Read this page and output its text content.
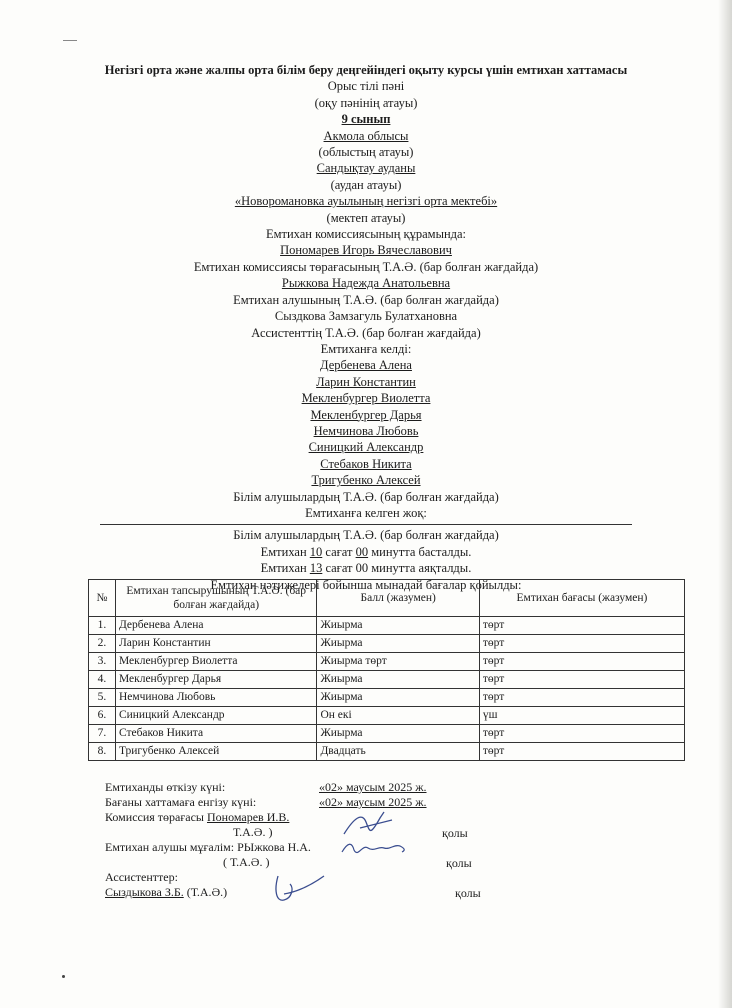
Негізгі орта және жалпы орта білім беру деңгейіндегі оқыту курсы үшін емтихан хаттамасы
Орыс тілі пәні
(оқу пәнінің атауы)
9 сынып
Акмола облысы
(облыстың атауы)
Сандықтау ауданы
(аудан атауы)
«Новоромановка ауылының негізгі орта мектебі»
(мектеп атауы)
Емтихан комиссиясының құрамында:
Пономарев Игорь Вячеславович
Емтихан комиссиясы төрағасының Т.А.Ә. (бар болған жағдайда)
Рыжкова Надежда Анатольевна
Емтихан алушының Т.А.Ә. (бар болған жағдайда)
Сыздкова Замзагуль Булатхановна
Ассистенттің Т.А.Ә. (бар болған жағдайда)
Емтиханға келді:
Дербенева Алена
Ларин Константин
Мекленбургер Виолетта
Мекленбургер Дарья
Немчинова Любовь
Синицкий Александр
Стебаков Никита
Тригубенко Алексей
Білім алушылардың Т.А.Ә. (бар болған жағдайда)
Емтиханға келген жоқ:
Білім алушылардың Т.А.Ә. (бар болған жағдайда)
Емтихан 10 сағат 00 минутта басталды.
Емтихан 13 сағат 00 минутта аяқталды.
Емтихан нәтижелері бойынша мынадай бағалар қойылды:
№	Емтихан тапсырушының Т.А.Ә. (бар болған жағдайда)	Балл (жазумен)	Емтихан бағасы (жазумен)
1.	Дербенева Алена	Жиырма	төрт
2.	Ларин Константин	Жиырма	төрт
3.	Мекленбургер Виолетта	Жиырма төрт	төрт
4.	Мекленбургер Дарья	Жиырма	төрт
5.	Немчинова Любовь	Жиырма	төрт
6.	Синицкий Александр	Он екі	үш
7.	Стебаков Никита	Жиырма	төрт
8.	Тригубенко Алексей	Двадцать	төрт
Емтиханды өткізу күні:	«02» маусым 2025 ж.
Бағаны хаттамаға енгізу күні:	«02» маусым 2025 ж.
Комиссия төрағасы Пономарев И.В.
Т.А.Ә. )
Емтихан алушы мұғалім: РЫжкова Н.А.
( Т.А.Ә. )
Ассистенттер:
Сыздыкова З.Б. (Т.А.Ә.)
қолы
қолы
қолы
